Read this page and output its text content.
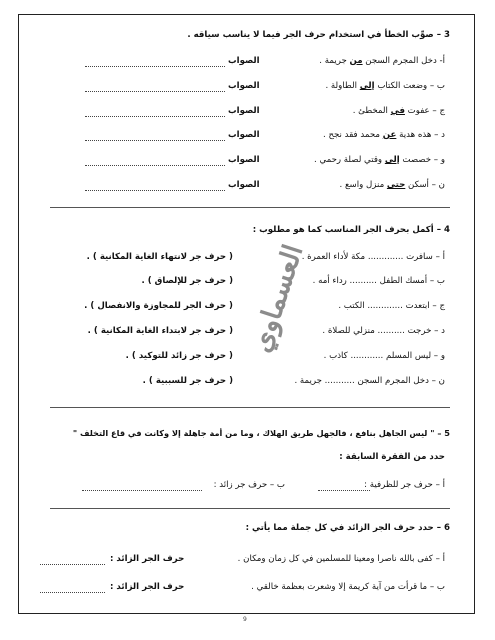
3 – صوِّب الخطأ في استخدام حرف الجر فيما لا يناسب سياقه .
أ- دخل المجرم السجن من جريمة .
الصواب
ب – وضعت الكتاب إلى الطاولة .
الصواب
ج – عفوت في المخطئ .
الصواب
د – هذه هدية عن محمد فقد نجح .
الصواب
و – خصصت إلى وقتي لصلة رحمي .
الصواب
ن – أسكن حتى منزل واسع .
الصواب
4 – أكمل بحرف الجر المناسب كما هو مطلوب :
أ – سافرت ............. مكة لأداء العمرة .
( حرف جر لانتهاء الغاية المكانية ) .
ب – أمسك الطفل .......... رداء أمه .
( حرف جر للإلصاق ) .
ج – ابتعدت ............. الكتب .
( حرف الجر للمجاوزة والانفصال ) .
د – خرجت .......... منزلي للصلاة .
( حرف جر لابتداء الغاية المكانية ) .
و – ليس المسلم ............ كاذب .
( حرف جر زائد للتوكيد ) .
ن – دخل المجرم السجن ........... جريمة .
( حرف جر للسببية ) .
العسماوي
5 – " ليس الجاهل بنافع ، فالجهل طريق الهلاك ، وما من أمة جاهلة إلا وكانت في قاع التخلف "
حدد من الفقرة السابقة :
أ – حرف جر للظرفية :
ب – حرف جر زائد :
6 – حدد حرف الجر الزائد في كل جملة مما يأتي :
أ – كفى بالله ناصرا ومعينا للمسلمين في كل زمان ومكان .
حرف الجر الزائد :
ب – ما قرأت من آية كريمة إلا وشعرت بعظمة خالقي .
حرف الجر الزائد :
9
